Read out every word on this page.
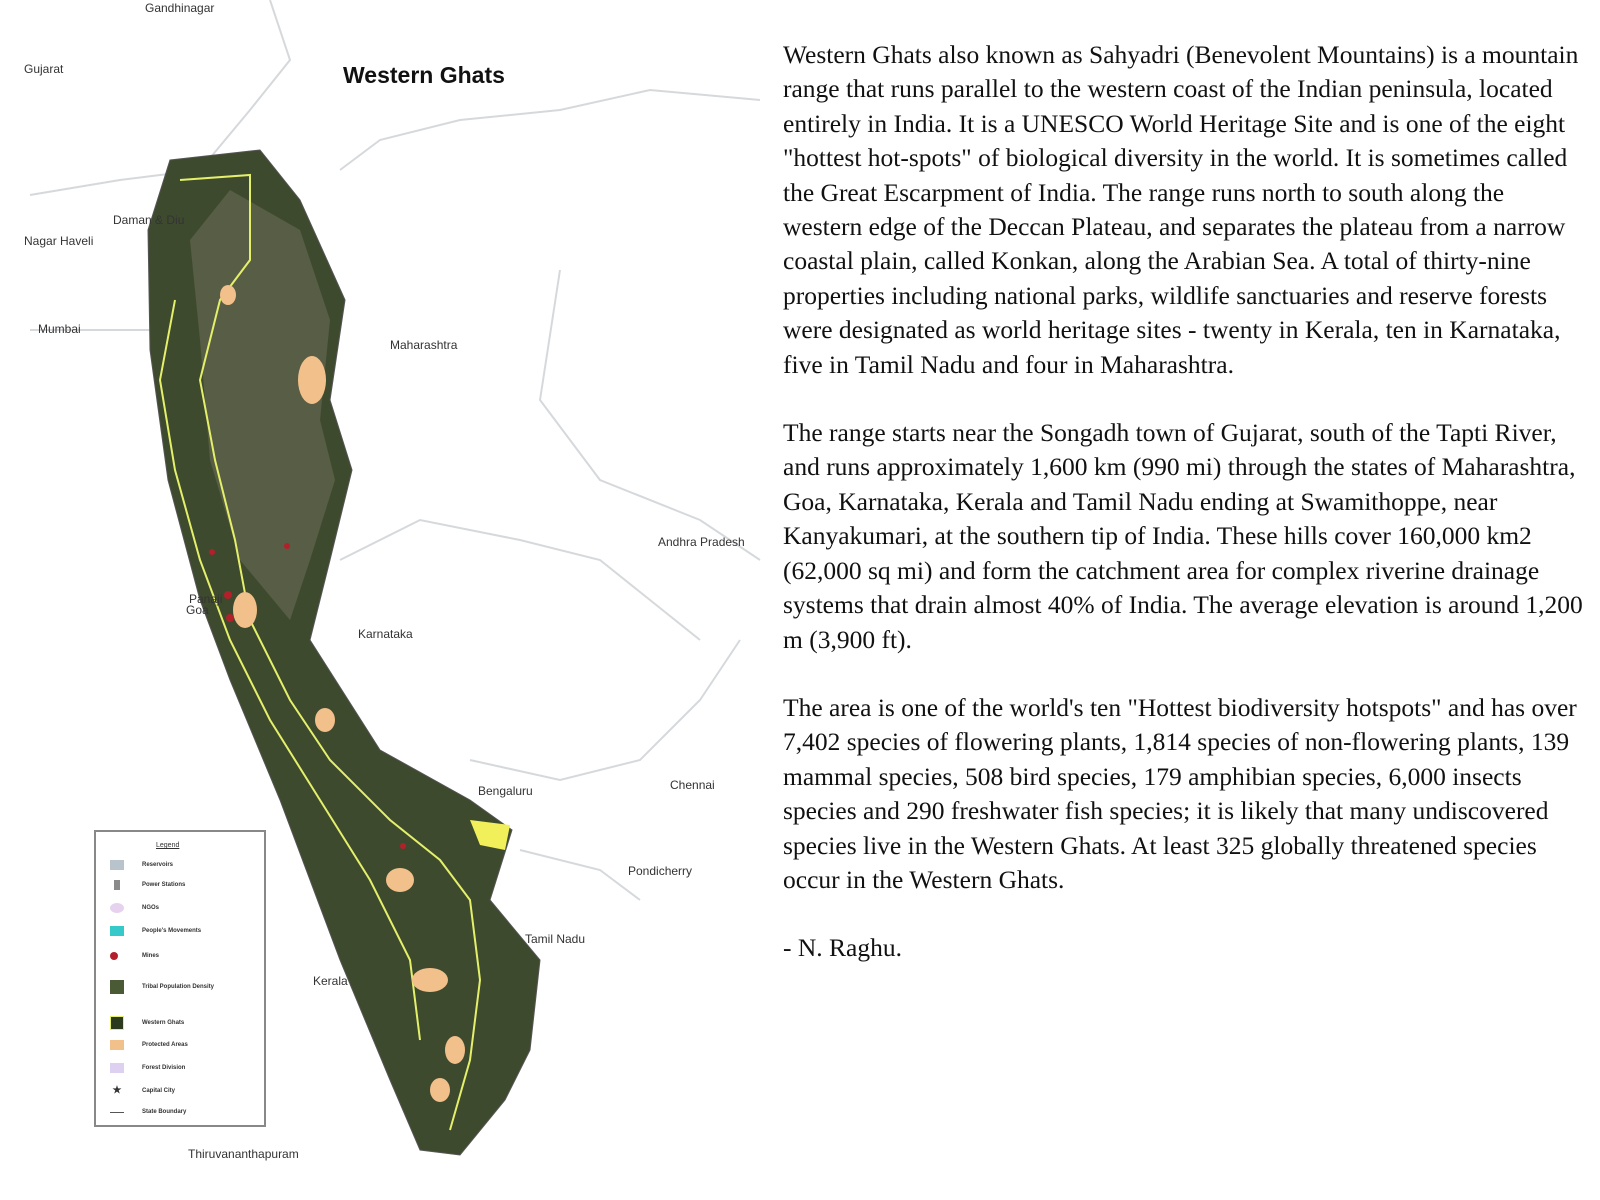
Western Ghats
Gandhinagar
Gujarat
Daman & Diu
Nagar Haveli
Mumbai
Maharashtra
Andhra Pradesh
Panaji
Goa
Karnataka
Bengaluru	Chennai
Pondicherry
Tamil Nadu
Kerala
Thiruvananthapuram
Legend
Reservoirs
Power Stations
NGOs
People's Movements
Mines
Tribal Population Density
Western Ghats
Protected Areas
Forest Division
★	Capital City
State Boundary

Western Ghats also known as Sahyadri (Benevolent Mountains) is a mountain range that runs parallel to the western coast of the Indian peninsula, located entirely in India. It is a UNESCO World Heritage Site and is one of the eight "hottest hot-spots" of biological diversity in the world. It is sometimes called the Great Escarpment of India. The range runs north to south along the western edge of the Deccan Plateau, and separates the plateau from a narrow coastal plain, called Konkan, along the Arabian Sea. A total of thirty-nine properties including national parks, wildlife sanctuaries and reserve forests were designated as world heritage sites - twenty in Kerala, ten in Karnataka, five in Tamil Nadu and four in Maharashtra.

The range starts near the Songadh town of Gujarat, south of the Tapti River, and runs approximately 1,600 km (990 mi) through the states of Maharashtra, Goa, Karnataka, Kerala and Tamil Nadu ending at Swamithoppe, near Kanyakumari, at the southern tip of India. These hills cover 160,000 km2 (62,000 sq mi) and form the catchment area for complex riverine drainage systems that drain almost 40% of India. The average elevation is around 1,200 m (3,900 ft).

The area is one of the world's ten "Hottest biodiversity hotspots" and has over 7,402 species of flowering plants, 1,814 species of non-flowering plants, 139 mammal species, 508 bird species, 179 amphibian species, 6,000 insects species and 290 freshwater fish species; it is likely that many undiscovered species live in the Western Ghats. At least 325 globally threatened species occur in the Western Ghats.

- N. Raghu.
